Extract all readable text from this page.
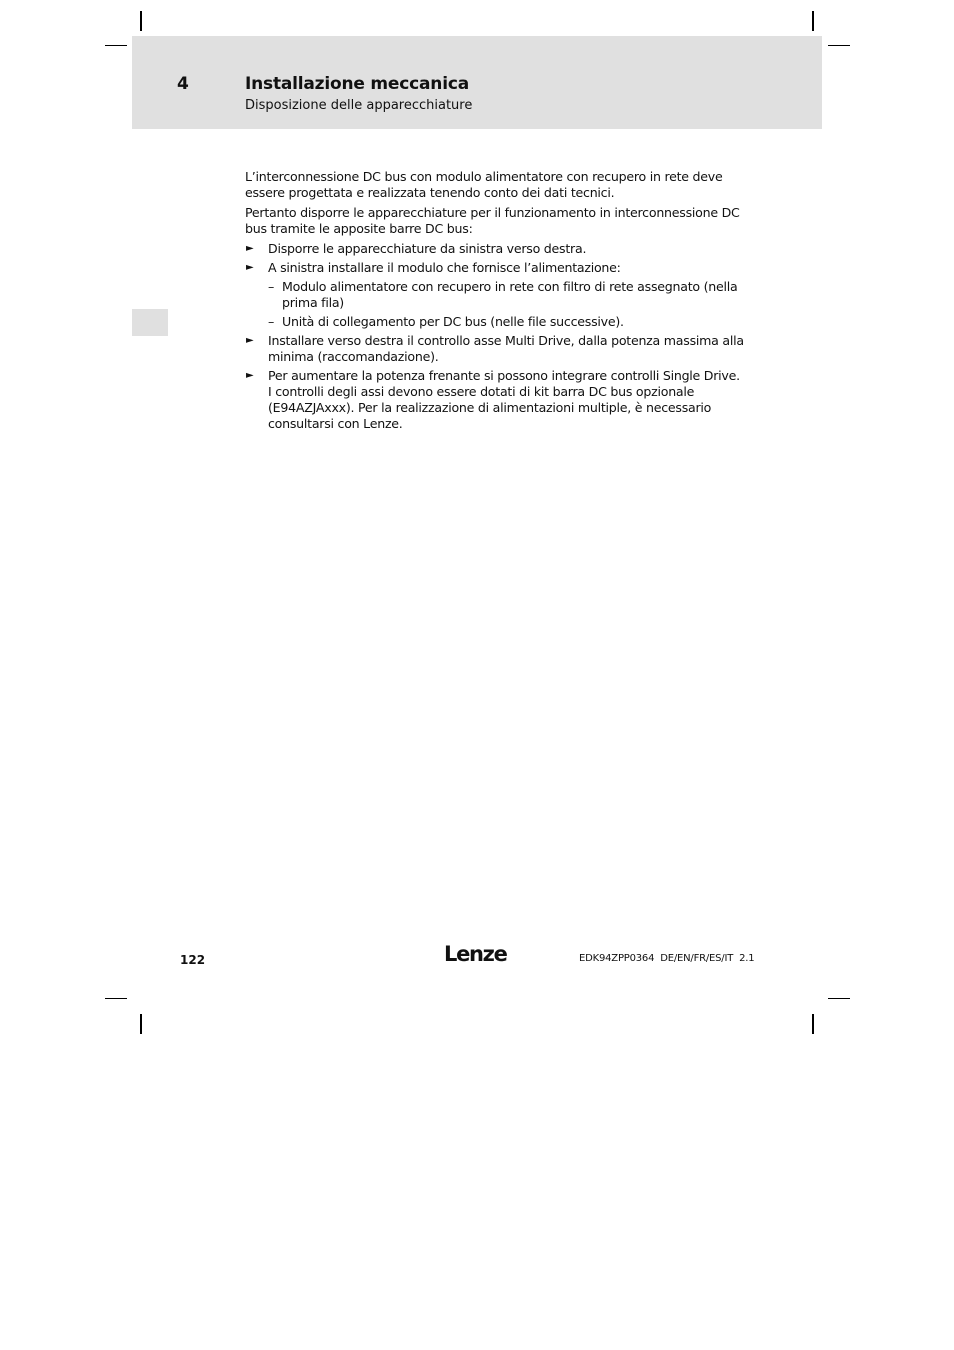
4	Installazione meccanica
Disposizione delle apparecchiature

L’interconnessione DC bus con modulo alimentatore con recupero in rete deve essere progettata e realizzata tenendo conto dei dati tecnici.

Pertanto disporre le apparecchiature per il funzionamento in interconnessione DC bus tramite le apposite barre DC bus:

► Disporre le apparecchiature da sinistra verso destra.
► A sinistra installare il modulo che fornisce l’alimentazione:
– Modulo alimentatore con recupero in rete con filtro di rete assegnato (nella prima fila)
– Unità di collegamento per DC bus (nelle file successive).
► Installare verso destra il controllo asse Multi Drive, dalla potenza massima alla minima (raccomandazione).
► Per aumentare la potenza frenante si possono integrare controlli Single Drive. I controlli degli assi devono essere dotati di kit barra DC bus opzionale (E94AZJAxxx). Per la realizzazione di alimentazioni multiple, è necessario consultarsi con Lenze.
122	Lenze	EDK94ZPP0364  DE/EN/FR/ES/IT  2.1
